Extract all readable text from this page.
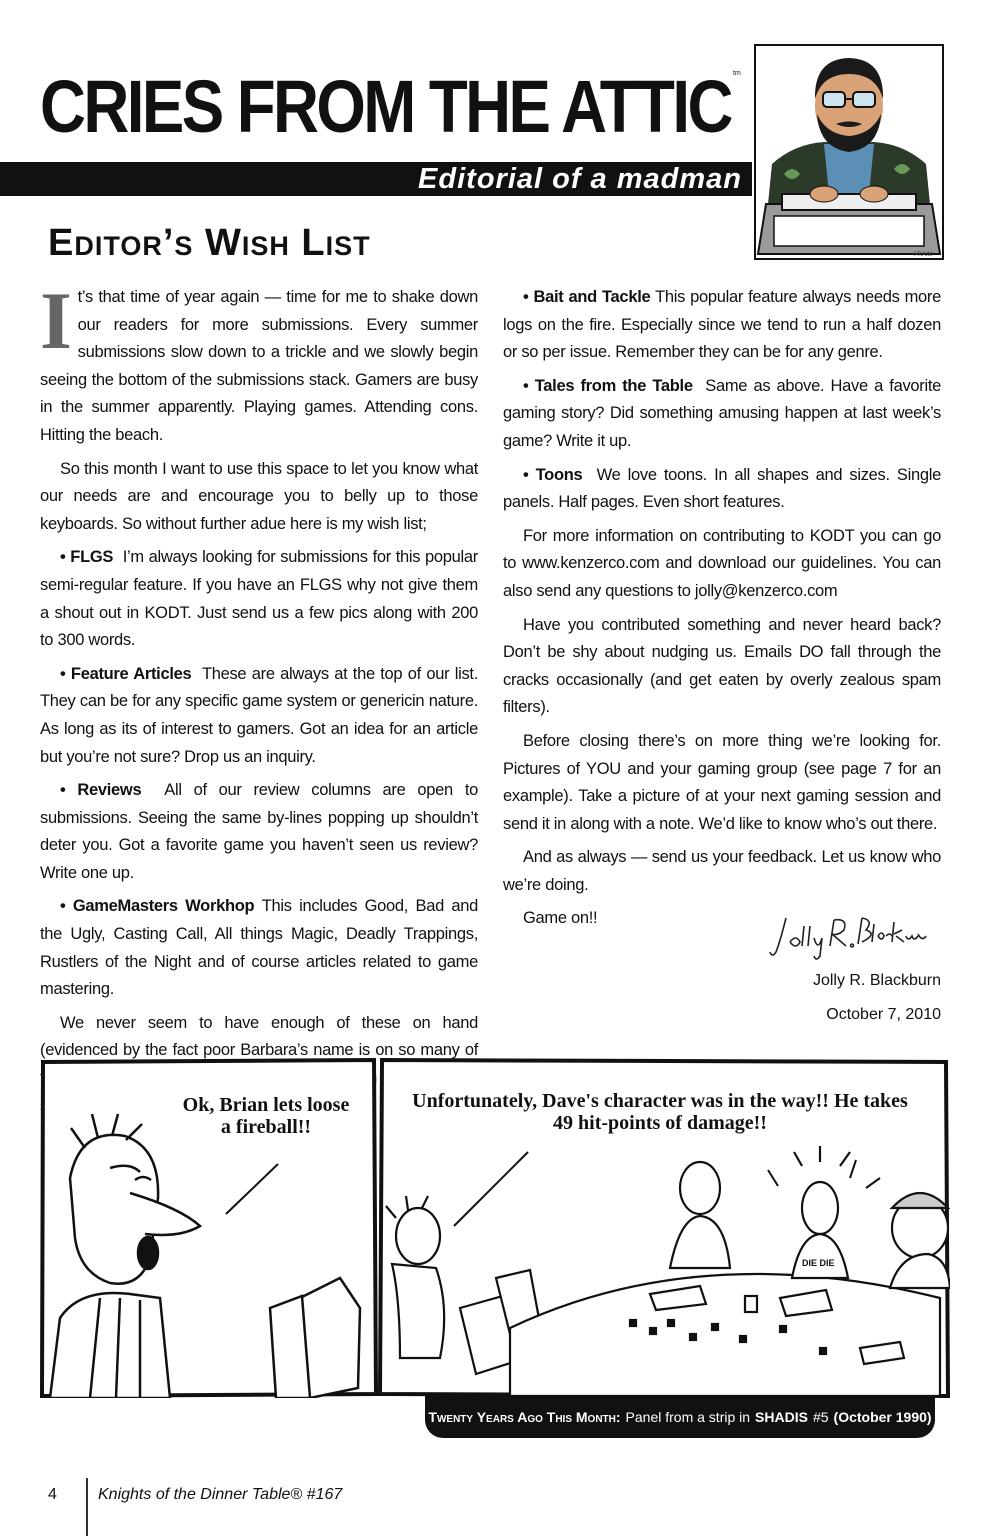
CRIES FROM THE ATTIC tm
Editorial of a madman
FRAIM
Editor’s Wish List

It’s that time of year again — time for me to shake down our readers for more submissions. Every summer submissions slow down to a trickle and we slowly begin seeing the bottom of the submissions stack. Gamers are busy in the summer apparently. Playing games. Attending cons. Hitting the beach.

So this month I want to use this space to let you know what our needs are and encourage you to belly up to those keyboards. So without further adue here is my wish list;

• FLGS I’m always looking for submissions for this popular semi-regular feature. If you have an FLGS why not give them a shout out in KODT. Just send us a few pics along with 200 to 300 words.

• Feature Articles These are always at the top of our list. They can be for any specific game system or genericin nature. As long as its of interest to gamers. Got an idea for an article but you’re not sure? Drop us an inquiry.

• Reviews All of our review columns are open to submissions. Seeing the same by-lines popping up shouldn’t deter you. Got a favorite game you haven’t seen us review? Write one up.

• GameMasters Workhop This includes Good, Bad and the Ugly, Casting Call, All things Magic, Deadly Trappings, Rustlers of the Night and of course articles related to game mastering.

We never seem to have enough of these on hand (evidenced by the fact poor Barbara’s name is on so many of

• Bait and Tackle This popular feature always needs more logs on the fire. Especially since we tend to run a half dozen or so per issue. Remember they can be for any genre.

• Tales from the Table Same as above. Have a favorite gaming story? Did something amusing happen at last week’s game? Write it up.

• Toons We love toons. In all shapes and sizes. Single panels. Half pages. Even short features.

For more information on contributing to KODT you can go to www.kenzerco.com and download our guidelines. You can also send any questions to jolly@kenzerco.com

Have you contributed something and never heard back? Don’t be shy about nudging us. Emails DO fall through the cracks occasionally (and get eaten by overly zealous spam filters).

Before closing there’s on more thing we’re looking for. Pictures of YOU and your gaming group (see page 7 for an example). Take a picture of at your next gaming session and send it in along with a note. We’d like to know who’s out there.

And as always — send us your feedback. Let us know who we’re doing.

Game on!!

Jolly R. Blackburn
October 7, 2010
DIE DIE
Ok, Brian lets loose a fireball!!
Unfortunately, Dave's character was in the way!! He takes 49 hit-points of damage!!
Twenty Years Ago This Month: Panel from a strip in SHADIS #5 (October 1990)
4	Knights of the Dinner Table® #167
